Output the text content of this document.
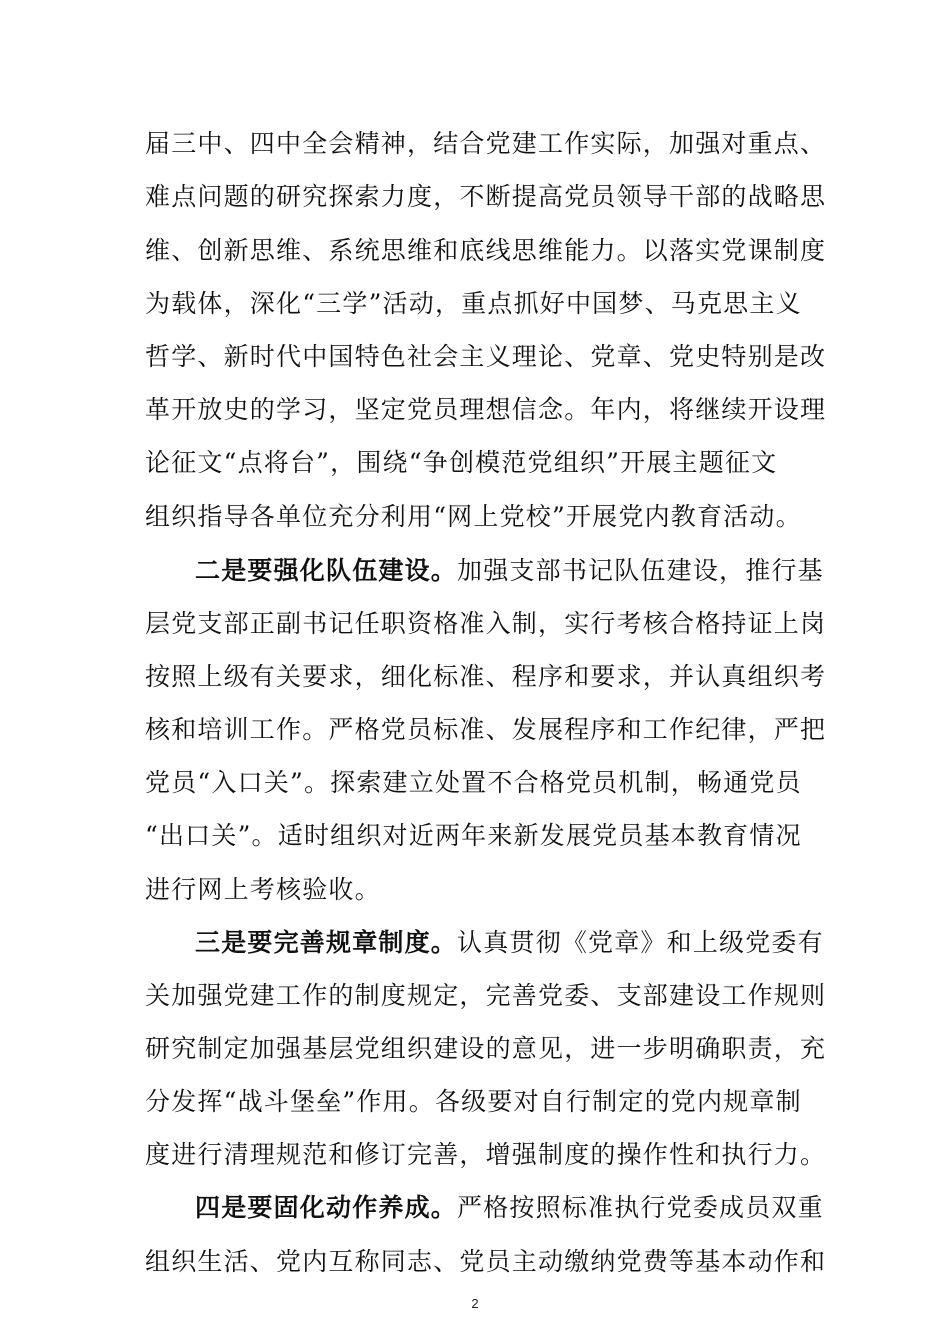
届三中、四中全会精神，结合党建工作实际，加强对重点、
难点问题的研究探索力度，不断提高党员领导干部的战略思
维、创新思维、系统思维和底线思维能力。以落实党课制度
为载体，深化“三学”活动，重点抓好中国梦、马克思主义
哲学、新时代中国特色社会主义理论、党章、党史特别是改
革开放史的学习，坚定党员理想信念。年内，将继续开设理
论征文“点将台”，围绕“争创模范党组织”开展主题征文
组织指导各单位充分利用“网上党校”开展党内教育活动。
二是要强化队伍建设。加强支部书记队伍建设，推行基
层党支部正副书记任职资格准入制，实行考核合格持证上岗
按照上级有关要求，细化标准、程序和要求，并认真组织考
核和培训工作。严格党员标准、发展程序和工作纪律，严把
党员“入口关”。探索建立处置不合格党员机制，畅通党员
“出口关”。适时组织对近两年来新发展党员基本教育情况
进行网上考核验收。
三是要完善规章制度。认真贯彻《党章》和上级党委有
关加强党建工作的制度规定，完善党委、支部建设工作规则
研究制定加强基层党组织建设的意见，进一步明确职责，充
分发挥“战斗堡垒”作用。各级要对自行制定的党内规章制
度进行清理规范和修订完善，增强制度的操作性和执行力。
四是要固化动作养成。严格按照标准执行党委成员双重
组织生活、党内互称同志、党员主动缴纳党费等基本动作和
2
